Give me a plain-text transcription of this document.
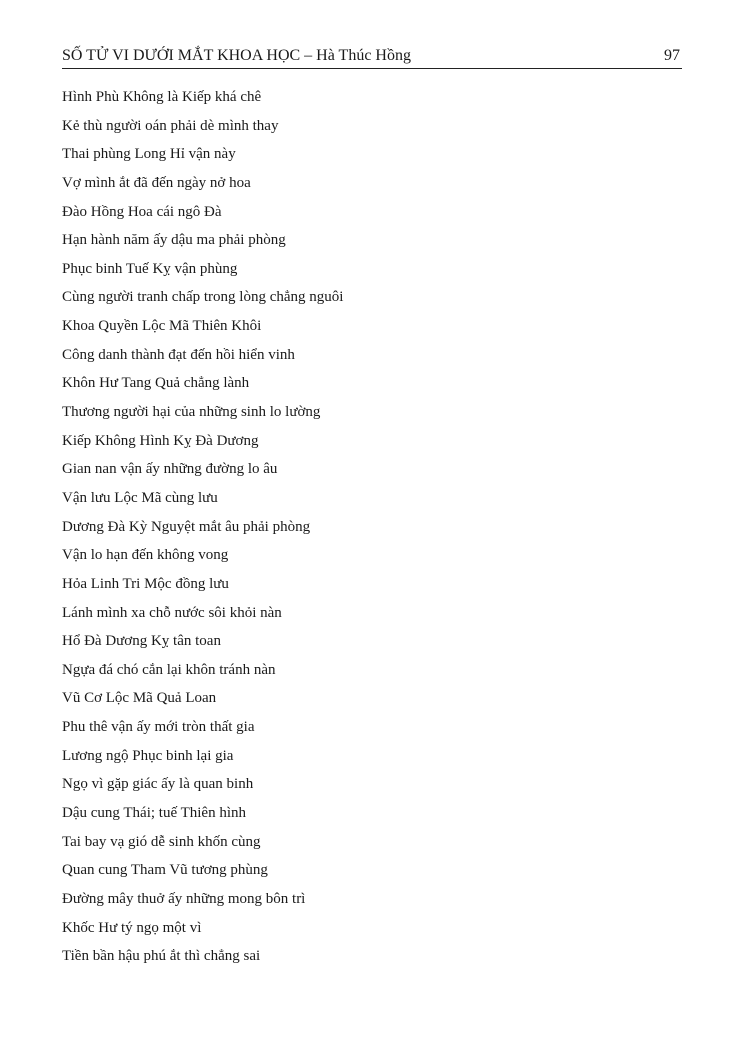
SỐ TỬ VI DƯỚI MẮT KHOA HỌC – Hà Thúc Hồng	97
Hình Phù Không là Kiếp khá chê
Kẻ thù người oán phải dè mình thay
Thai phùng Long Hỉ vận này
Vợ mình ắt đã đến ngày nở hoa
Đào Hồng Hoa cái ngô Đà
Hạn hành năm ấy dậu ma phải phòng
Phục binh Tuế Kỵ vận phùng
Cùng người tranh chấp trong lòng chẳng nguôi
Khoa Quyền Lộc Mã Thiên Khôi
Công danh thành đạt đến hồi hiển vinh
Khôn Hư Tang Quả chẳng lành
Thương người hại của những sinh lo lường
Kiếp Không Hình Kỵ Đà Dương
Gian nan vận ấy những đường lo âu
Vận lưu Lộc Mã cùng lưu
Dương Đà Kỳ Nguyệt mắt âu phải phòng
Vận lo hạn đến không vong
Hỏa Linh Tri Mộc đồng lưu
Lánh mình xa chỗ nước sôi khỏi nàn
Hổ Đà Dương Kỵ tân toan
Ngựa đá chó cắn lại khôn tránh nàn
Vũ Cơ Lộc Mã Quả Loan
Phu thê vận ấy mới tròn thất gia
Lương ngộ Phục binh lại gia
Ngọ vì gặp giác ấy là quan binh
Dậu cung Thái; tuế Thiên hình
Tai bay vạ gió dễ sinh khốn cùng
Quan cung Tham Vũ tương phùng
Đường mây thuở ấy những mong bôn trì
Khốc Hư tý ngọ một vì
Tiền bần hậu phú ắt thì chẳng sai
